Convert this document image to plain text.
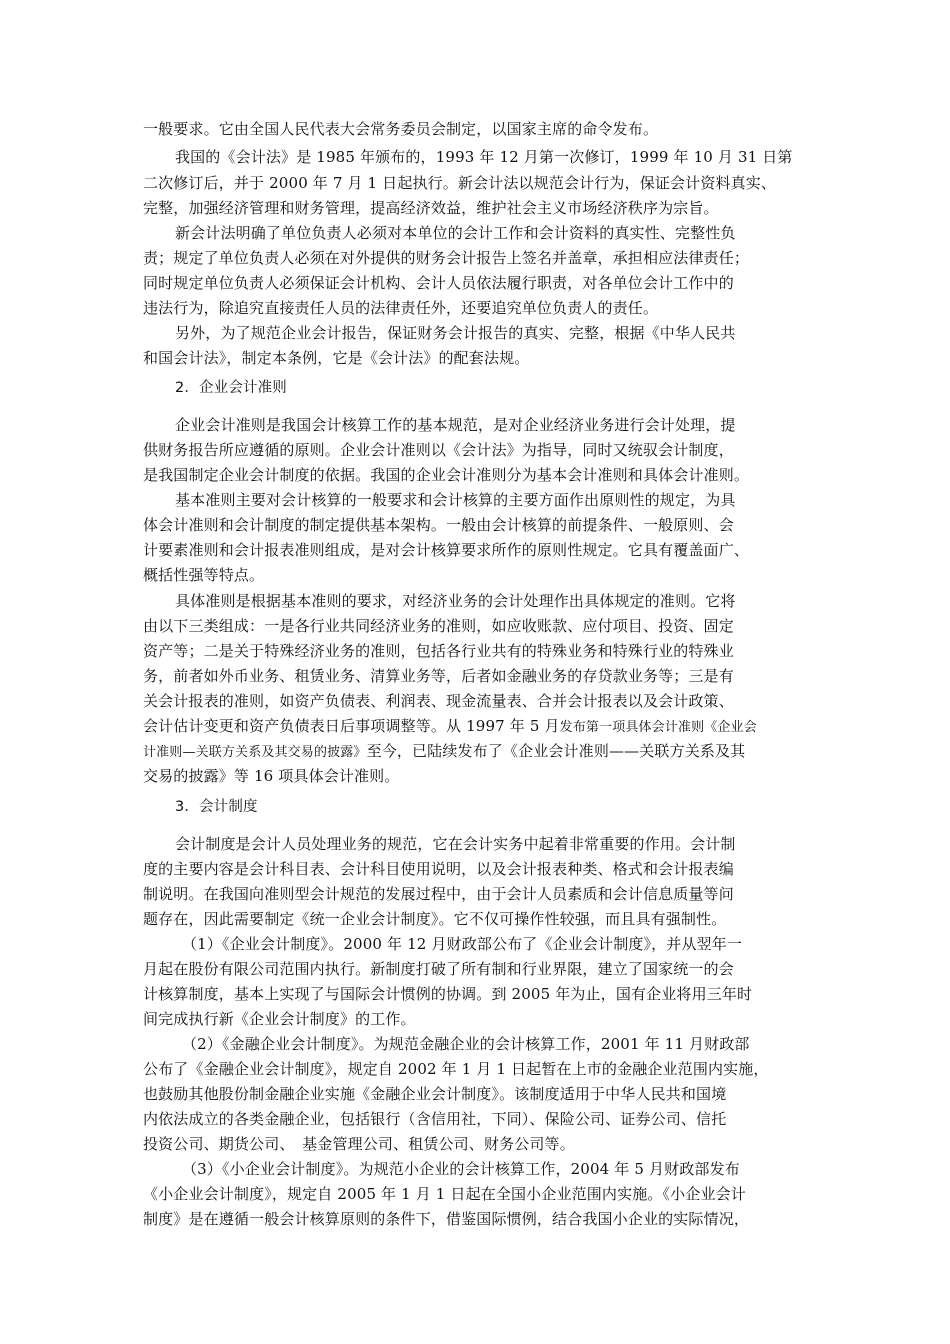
一般要求。它由全国人民代表大会常务委员会制定，以国家主席的命令发布。
我国的《会计法》是 1985 年颁布的，1993 年 12 月第一次修订，1999 年 10 月 31 日第
二次修订后，并于 2000 年 7 月 1 日起执行。新会计法以规范会计行为，保证会计资料真实、
完整，加强经济管理和财务管理，提高经济效益，维护社会主义市场经济秩序为宗旨。
新会计法明确了单位负责人必须对本单位的会计工作和会计资料的真实性、完整性负
责；规定了单位负责人必须在对外提供的财务会计报告上签名并盖章，承担相应法律责任；
同时规定单位负责人必须保证会计机构、会计人员依法履行职责，对各单位会计工作中的
违法行为，除追究直接责任人员的法律责任外，还要追究单位负责人的责任。
另外，为了规范企业会计报告，保证财务会计报告的真实、完整，根据《中华人民共
和国会计法》，制定本条例，它是《会计法》的配套法规。
2．企业会计准则
企业会计准则是我国会计核算工作的基本规范，是对企业经济业务进行会计处理，提
供财务报告所应遵循的原则。企业会计准则以《会计法》为指导，同时又统驭会计制度，
是我国制定企业会计制度的依据。我国的企业会计准则分为基本会计准则和具体会计准则。
基本准则主要对会计核算的一般要求和会计核算的主要方面作出原则性的规定，为具
体会计准则和会计制度的制定提供基本架构。一般由会计核算的前提条件、一般原则、会
计要素准则和会计报表准则组成，是对会计核算要求所作的原则性规定。它具有覆盖面广、
概括性强等特点。
具体准则是根据基本准则的要求，对经济业务的会计处理作出具体规定的准则。它将
由以下三类组成：一是各行业共同经济业务的准则，如应收账款、应付项目、投资、固定
资产等；二是关于特殊经济业务的准则，包括各行业共有的特殊业务和特殊行业的特殊业
务，前者如外币业务、租赁业务、清算业务等，后者如金融业务的存贷款业务等；三是有
关会计报表的准则，如资产负债表、利润表、现金流量表、合并会计报表以及会计政策、
会计估计变更和资产负债表日后事项调整等。从 1997 年 5 月发布第一项具体会计准则《企业会
计准则—关联方关系及其交易的披露》至今，已陆续发布了《企业会计准则——关联方关系及其
交易的披露》等 16 项具体会计准则。
3．会计制度
会计制度是会计人员处理业务的规范，它在会计实务中起着非常重要的作用。会计制
度的主要内容是会计科目表、会计科目使用说明，以及会计报表种类、格式和会计报表编
制说明。在我国向准则型会计规范的发展过程中，由于会计人员素质和会计信息质量等问
题存在，因此需要制定《统一企业会计制度》。它不仅可操作性较强，而且具有强制性。
（1）《企业会计制度》。2000 年 12 月财政部公布了《企业会计制度》，并从翌年一
月起在股份有限公司范围内执行。新制度打破了所有制和行业界限，建立了国家统一的会
计核算制度，基本上实现了与国际会计惯例的协调。到 2005 年为止，国有企业将用三年时
间完成执行新《企业会计制度》的工作。
（2）《金融企业会计制度》。为规范金融企业的会计核算工作，2001 年 11 月财政部
公布了《金融企业会计制度》，规定自 2002 年 1 月 1 日起暂在上市的金融企业范围内实施，
也鼓励其他股份制金融企业实施《金融企业会计制度》。该制度适用于中华人民共和国境
内依法成立的各类金融企业，包括银行（含信用社，下同）、保险公司、证券公司、信托
投资公司、期货公司、　基金管理公司、租赁公司、财务公司等。
（3）《小企业会计制度》。为规范小企业的会计核算工作，2004 年 5 月财政部发布
《小企业会计制度》，规定自 2005 年 1 月 1 日起在全国小企业范围内实施。《小企业会计
制度》是在遵循一般会计核算原则的条件下，借鉴国际惯例，结合我国小企业的实际情况，
